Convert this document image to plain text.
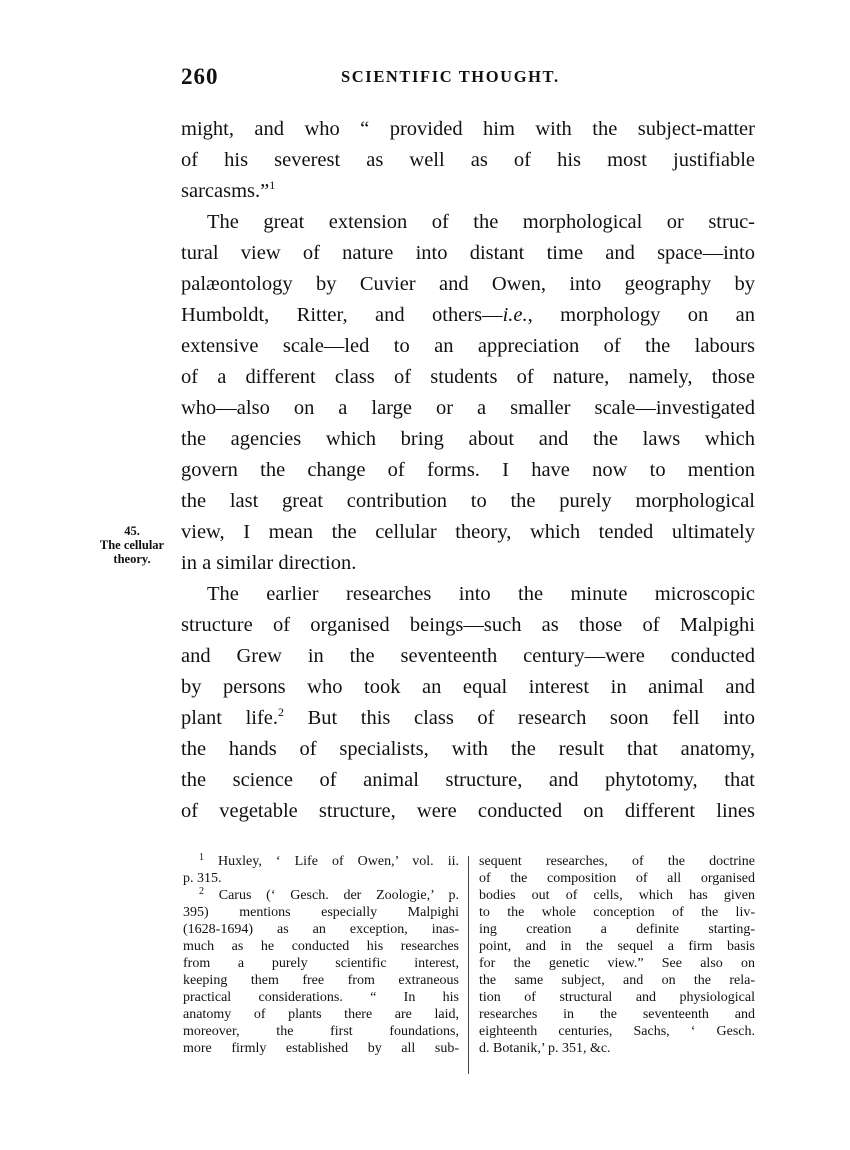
260	SCIENTIFIC THOUGHT.
45.
The cellular
theory.
might, and who “ provided him with the subject-matter
of his severest as well as of his most justifiable
sarcasms.”$^1$
The great extension of the morphological or struc-
tural view of nature into distant time and space—into
palæontology by Cuvier and Owen, into geography by
Humboldt, Ritter, and others—i.e., morphology on an
extensive scale—led to an appreciation of the labours
of a different class of students of nature, namely, those
who—also on a large or a smaller scale—investigated
the agencies which bring about and the laws which
govern the change of forms. I have now to mention
the last great contribution to the purely morphological
view, I mean the cellular theory, which tended ultimately
in a similar direction.
The earlier researches into the minute microscopic
structure of organised beings—such as those of Malpighi
and Grew in the seventeenth century—were conducted
by persons who took an equal interest in animal and
plant life.$^2$ But this class of research soon fell into
the hands of specialists, with the result that anatomy,
the science of animal structure, and phytotomy, that
of vegetable structure, were conducted on different lines
$^1$ Huxley, ‘ Life of Owen,’ vol. ii.
p. 315.
$^2$ Carus (‘ Gesch. der Zoologie,’ p.
395) mentions especially Malpighi
(1628-1694) as an exception, inas-
much as he conducted his researches
from a purely scientific interest,
keeping them free from extraneous
practical considerations. “ In his
anatomy of plants there are laid,
moreover, the first foundations,
more firmly established by all sub-
sequent researches, of the doctrine
of the composition of all organised
bodies out of cells, which has given
to the whole conception of the liv-
ing creation a definite starting-
point, and in the sequel a firm basis
for the genetic view.” See also on
the same subject, and on the rela-
tion of structural and physiological
researches in the seventeenth and
eighteenth centuries, Sachs, ‘ Gesch.
d. Botanik,’ p. 351, &c.
